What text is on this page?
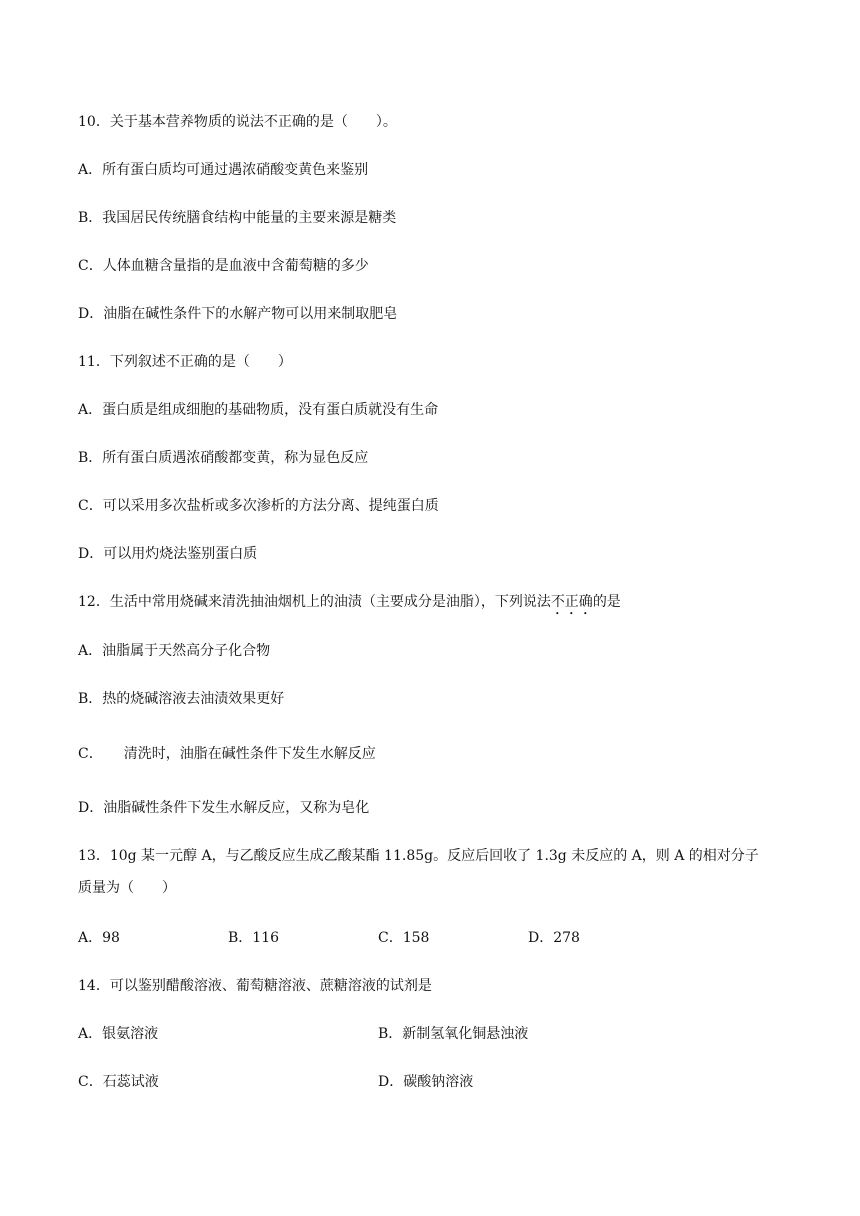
10．关于基本营养物质的说法不正确的是（　　）。
A．所有蛋白质均可通过遇浓硝酸变黄色来鉴别
B．我国居民传统膳食结构中能量的主要来源是糖类
C．人体血糖含量指的是血液中含葡萄糖的多少
D．油脂在碱性条件下的水解产物可以用来制取肥皂
11．下列叙述不正确的是（　　）
A．蛋白质是组成细胞的基础物质，没有蛋白质就没有生命
B．所有蛋白质遇浓硝酸都变黄，称为显色反应
C．可以采用多次盐析或多次渗析的方法分离、提纯蛋白质
D．可以用灼烧法鉴别蛋白质
12．生活中常用烧碱来清洗抽油烟机上的油渍（主要成分是油脂），下列说法不正确的是
A．油脂属于天然高分子化合物
B．热的烧碱溶液去油渍效果更好
C．　　清洗时，油脂在碱性条件下发生水解反应
D．油脂碱性条件下发生水解反应，又称为皂化
13．10g 某一元醇 A，与乙酸反应生成乙酸某酯 11.85g。反应后回收了 1.3g 未反应的 A，则 A 的相对分子
质量为（　　）
A．98	B．116	C．158	D．278
14．可以鉴别醋酸溶液、葡萄糖溶液、蔗糖溶液的试剂是
A．银氨溶液	B．新制氢氧化铜悬浊液
C．石蕊试液	D．碳酸钠溶液
